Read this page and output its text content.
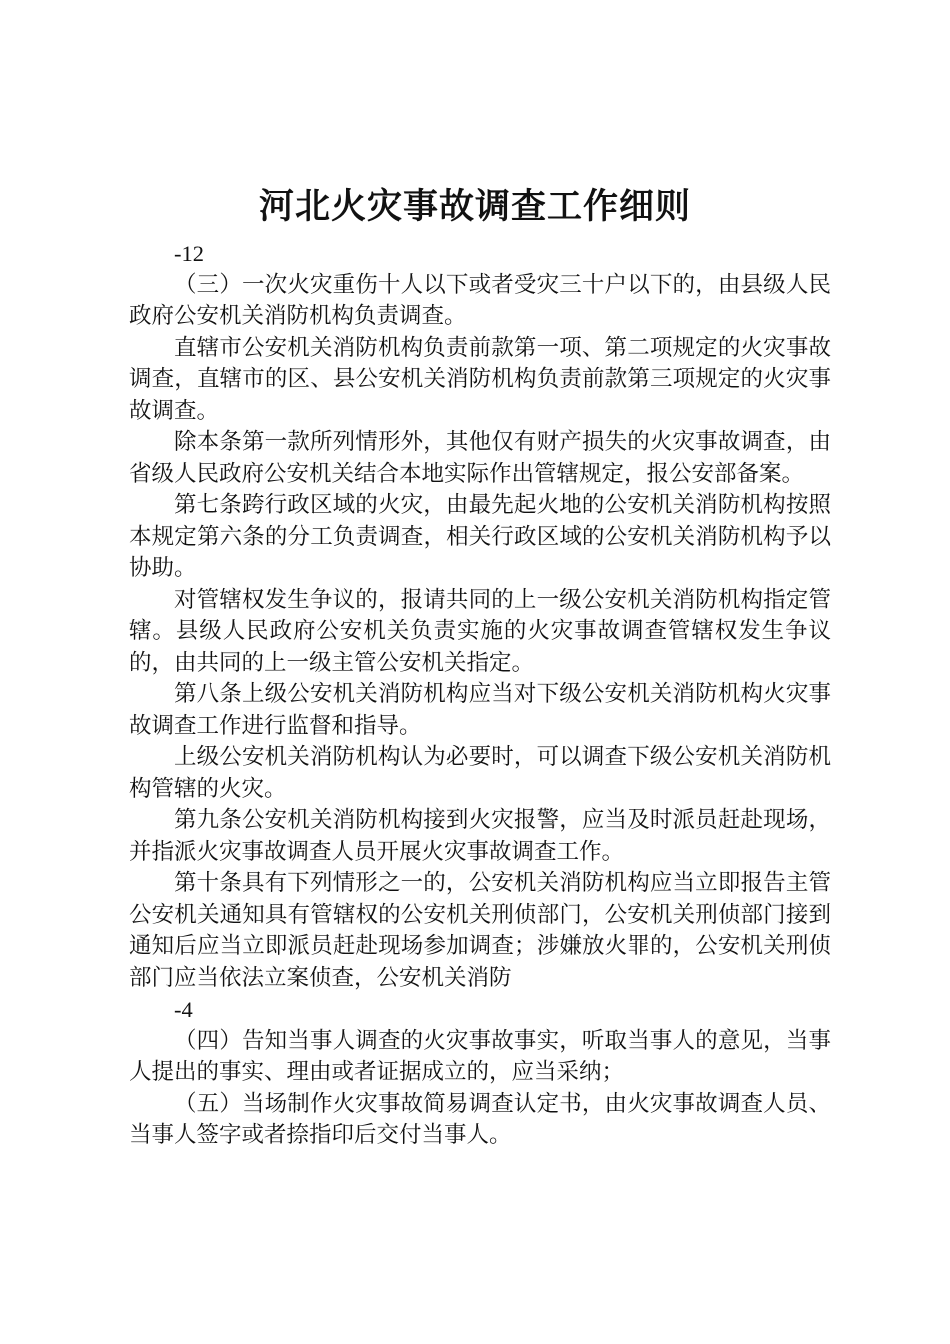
河北火灾事故调查工作细则

-12

（三）一次火灾重伤十人以下或者受灾三十户以下的，由县级人民政府公安机关消防机构负责调查。

直辖市公安机关消防机构负责前款第一项、第二项规定的火灾事故调查，直辖市的区、县公安机关消防机构负责前款第三项规定的火灾事故调查。

除本条第一款所列情形外，其他仅有财产损失的火灾事故调查，由省级人民政府公安机关结合本地实际作出管辖规定，报公安部备案。

第七条跨行政区域的火灾，由最先起火地的公安机关消防机构按照本规定第六条的分工负责调查，相关行政区域的公安机关消防机构予以协助。

对管辖权发生争议的，报请共同的上一级公安机关消防机构指定管辖。县级人民政府公安机关负责实施的火灾事故调查管辖权发生争议的，由共同的上一级主管公安机关指定。

第八条上级公安机关消防机构应当对下级公安机关消防机构火灾事故调查工作进行监督和指导。

上级公安机关消防机构认为必要时，可以调查下级公安机关消防机构管辖的火灾。

第九条公安机关消防机构接到火灾报警，应当及时派员赶赴现场，并指派火灾事故调查人员开展火灾事故调查工作。

第十条具有下列情形之一的，公安机关消防机构应当立即报告主管公安机关通知具有管辖权的公安机关刑侦部门，公安机关刑侦部门接到通知后应当立即派员赶赴现场参加调查；涉嫌放火罪的，公安机关刑侦部门应当依法立案侦查，公安机关消防

-4

（四）告知当事人调查的火灾事故事实，听取当事人的意见，当事人提出的事实、理由或者证据成立的，应当采纳；

（五）当场制作火灾事故简易调查认定书，由火灾事故调查人员、当事人签字或者捺指印后交付当事人。
